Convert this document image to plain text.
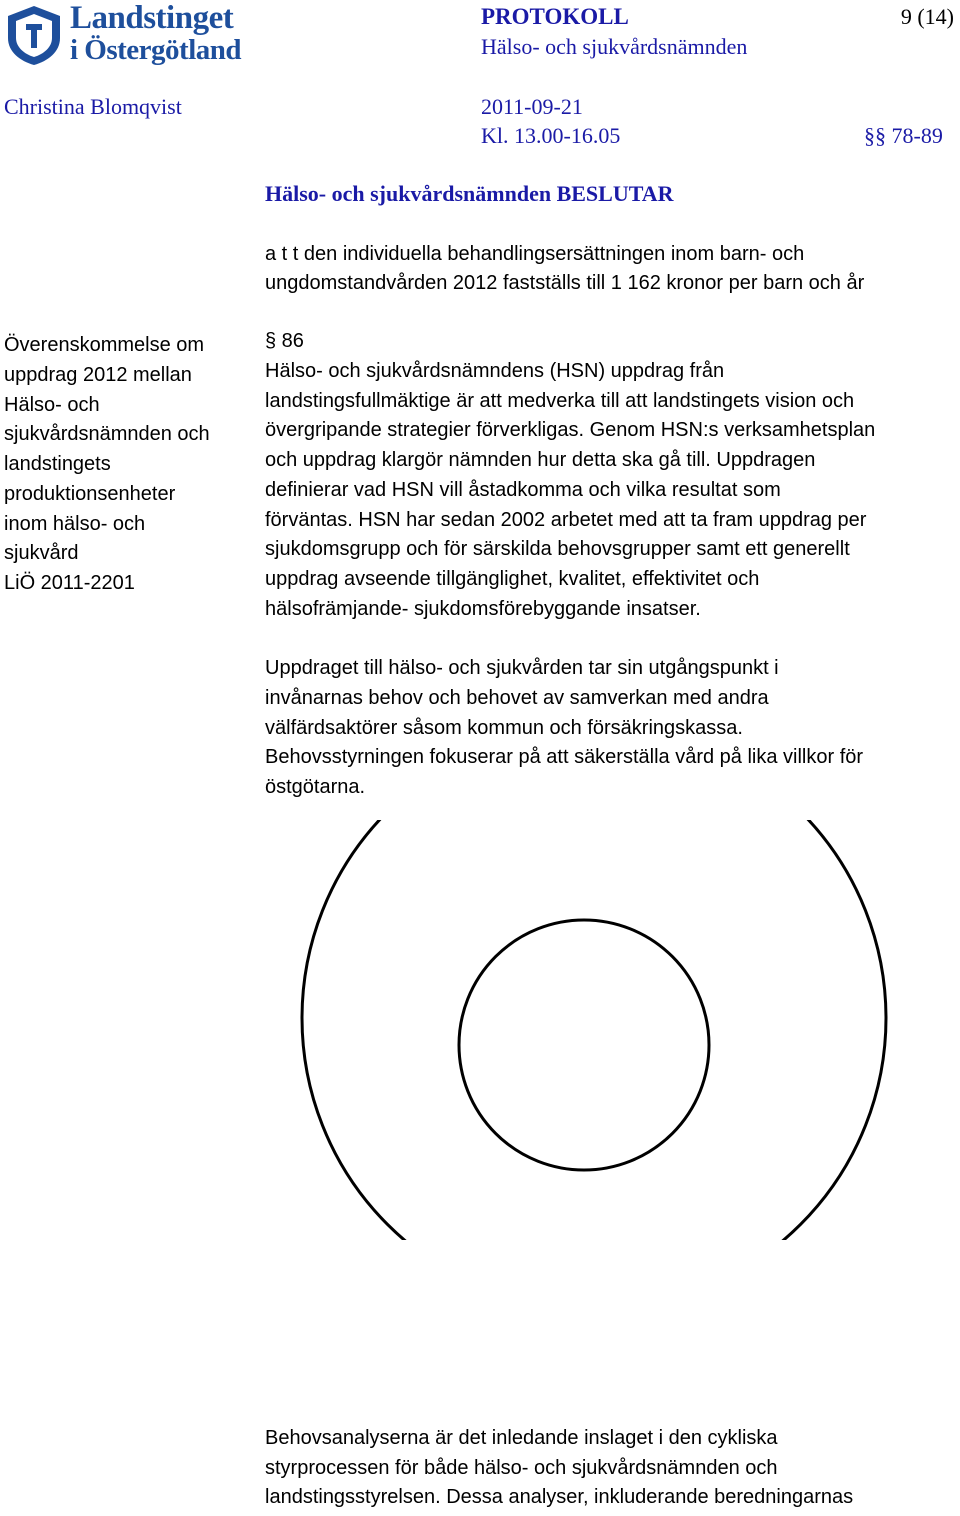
Landstinget
i Östergötland
PROTOKOLL	9 (14)
Hälso- och sjukvårdsnämnden
Christina Blomqvist	2011-09-21
Kl. 13.00-16.05	§§ 78-89
Hälso- och sjukvårdsnämnden BESLUTAR
a t t den individuella behandlingsersättningen inom barn- och
ungdomstandvården 2012 fastställs till 1 162 kronor per barn och år
Överenskommelse om
uppdrag 2012 mellan
Hälso- och
sjukvårdsnämnden och
landstingets
produktionsenheter
inom hälso- och
sjukvård
LiÖ 2011-2201
§ 86
Hälso- och sjukvårdsnämndens (HSN) uppdrag från
landstingsfullmäktige är att medverka till att landstingets vision och
övergripande strategier förverkligas. Genom HSN:s verksamhetsplan
och uppdrag klargör nämnden hur detta ska gå till. Uppdragen
definierar vad HSN vill åstadkomma och vilka resultat som
förväntas. HSN har sedan 2002 arbetet med att ta fram uppdrag per
sjukdomsgrupp och för särskilda behovsgrupper samt ett generellt
uppdrag avseende tillgänglighet, kvalitet, effektivitet och
hälsofrämjande- sjukdomsförebyggande insatser.
Uppdraget till hälso- och sjukvården tar sin utgångspunkt i
invånarnas behov och behovet av samverkan med andra
välfärdsaktörer såsom kommun och försäkringskassa.
Behovsstyrningen fokuserar på att säkerställa vård på lika villkor för
östgötarna.
Behovsanalyserna är det inledande inslaget i den cykliska
styrprocessen för både hälso- och sjukvårdsnämnden och
landstingsstyrelsen. Dessa analyser, inkluderande beredningarnas
